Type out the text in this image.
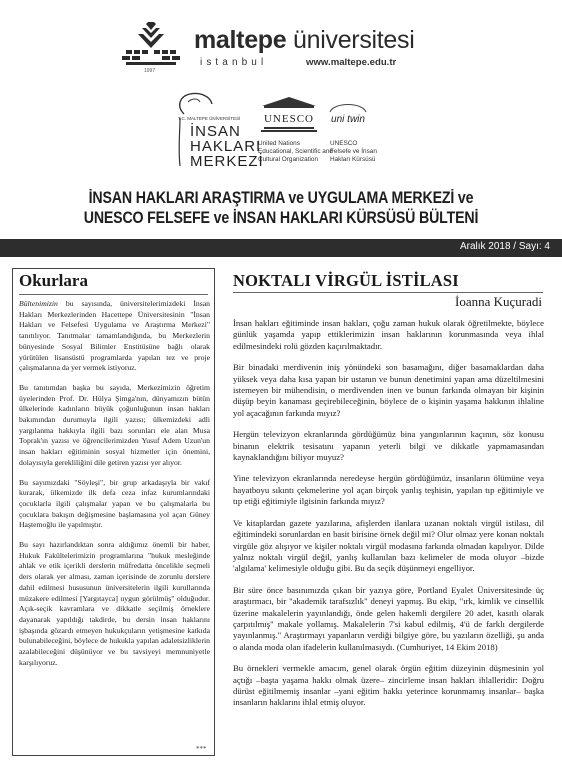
maltepe üniversitesi
istanbul	www.maltepe.edu.tr
1997
T.C. MALTEPE ÜNİVERSİTESİ
İNSAN
HAKLARI
MERKEZİ
UNESCO
United Nations
Educational, Scientific and
Cultural Organization
uni twin
UNESCO
Felsefe ve İnsan
Hakları Kürsüsü
İNSAN HAKLARI ARAŞTIRMA ve UYGULAMA MERKEZİ ve
UNESCO FELSEFE ve İNSAN HAKLARI KÜRSÜSÜ BÜLTENİ
Aralık 2018 / Sayı: 4
Okurlara

Bültenimizin bu sayısında, üniversitelerimizdeki İnsan Hakları Merkezlerinden Hacettepe Üniversitesinin "İnsan Hakları ve Felsefesi Uygulama ve Araştırma Merkezi" tanıtılıyor. Tanıtmalar tamamlandığında, bu Merkezlerin bünyesinde Sosyal Bilimler Enstitüsüne bağlı olarak yürütülen lisansüstü programlarda yapılan tez ve proje çalışmalarına da yer vermek istiyoruz.

Bu tanıtımdan başka bu sayıda, Merkezimizin öğretim üyelerinden Prof. Dr. Hülya Şimga'nın, dünyamızın bütün ülkelerinde kadınların büyük çoğunluğunun insan hakları bakımından durumuyla ilgili yazısı; ülkemizdeki adli yargılanma hakkıyla ilgili bazı sorunları ele alan Musa Toprak'ın yazısı ve öğrencilerimizden Yusuf Adem Uzun'un insan hakları eğitiminin sosyal hizmetler için önemini, dolayısıyla gerekliliğini dile getiren yazısı yer alıyor.

Bu sayımızdaki "Söyleşi", bir grup arkadaşıyla bir vakıf kurarak, ülkemizde ilk defa ceza infaz kurumlarındaki çocuklarla ilgili çalışmalar yapan ve bu çalışmalarla bu çocuklara bakışın değişmesine başlamasına yol açan Güney Haştemoğlu ile yapılmıştır.

Bu sayı hazırlandıktan sonra aldığımız önemli bir haber, Hukuk Fakültelerimizin programlarına "hukuk mesleğinde ahlak ve etik içerikli derslerin müfredatta öncelikle seçmeli ders olarak yer alması, zaman içerisinde de zorunlu derslere dahil edilmesi hususunun üniversitelerin ilgili kurullarında müzakere edilmesi [Yargıtayca] uygun görülmüş" olduğudur. Açık-seçik kavramlara ve dikkatle seçilmiş örneklere dayanarak yapıldığı takdirde, bu dersin insan haklarını işbaşında gözardı etmeyen hukukçuların yetişmesine katkıda bulunabileceğini, böylece de hukukla yapılan adaletsizliklerin azalabileceğini düşünüyor ve bu tavsiyeyi memnuniyetle karşılıyoruz.

***
NOKTALI VİRGÜL İSTİLASI
İoanna Kuçuradi

İnsan hakları eğitiminde insan hakları, çoğu zaman hukuk olarak öğretilmekte, böylece günlük yaşamda yapıp ettiklerimizin insan haklarının korunmasında veya ihlal edilmesindeki rolü gözden kaçırılmaktadır.

Bir binadaki merdivenin iniş yönündeki son basamağını, diğer basamaklardan daha yüksek veya daha kısa yapan bir ustanın ve bunun denetimini yapan ama düzeltilmesini istemeyen bir mühendisin, o merdivenden inen ve bunun farkında olmayan bir kişinin düşüp beyin kanaması geçirebileceğinin, böylece de o kişinin yaşama hakkının ihlaline yol açacağının farkında mıyız?

Hergün televizyon ekranlarında gördüğümüz bina yangınlarının kaçının, söz konusu binanın elektrik tesisatını yapanın yeterli bilgi ve dikkatle yapmamasından kaynaklandığını biliyor muyuz?

Yine televizyon ekranlarında neredeyse hergün gördüğümüz, insanların ölümüne veya hayatboyu sıkıntı çekmelerine yol açan birçok yanlış teşhisin, yapılan tıp eğitimiyle ve tıp etiği eğitimiyle ilgisinin farkında mıyız?

Ve kitaplardan gazete yazılarına, afişlerden ilanlara uzanan noktalı virgül istilası, dil eğitimindeki sorunlardan en basit birisine örnek değil mi? Olur olmaz yere konan noktalı virgüle göz alışıyor ve kişiler noktalı virgül modasına farkında olmadan kapılıyor. Dilde yalnız noktalı virgül değil, yanlış kullanılan bazı kelimeler de moda oluyor –bizde 'algılama' kelimesiyle olduğu gibi. Bu da seçik düşünmeyi engelliyor.

Bir süre önce basınımızda çıkan bir yazıya göre, Portland Eyalet Üniversitesinde üç araştırmacı, bir "akademik tarafsızlık" deneyi yapmış. Bu ekip, "ırk, kimlik ve cinsellik üzerine makalelerin yayınlandığı, önde gelen hakemli dergilere 20 adet, kasıtlı olarak çarpıtılmış" makale yollamış. Makalelerin 7'si kabul edilmiş, 4'ü de farklı dergilerde yayınlanmış." Araştırmayı yapanların verdiği bilgiye göre, bu yazıların özelliği, şu anda o alanda moda olan ifadelerin kullanılmasıydı. (Cumhuriyet, 14 Ekim 2018)

Bu örnekleri vermekle amacım, genel olarak örgün eğitim düzeyinin düşmesinin yol açtığı –başta yaşama hakkı olmak üzere– zincirleme insan hakları ihlalleridir: Doğru dürüst eğitilmemiş insanlar –yani eğitim hakkı yeterince korunmamış insanlar– başka insanların haklarını ihlal etmiş oluyor.
